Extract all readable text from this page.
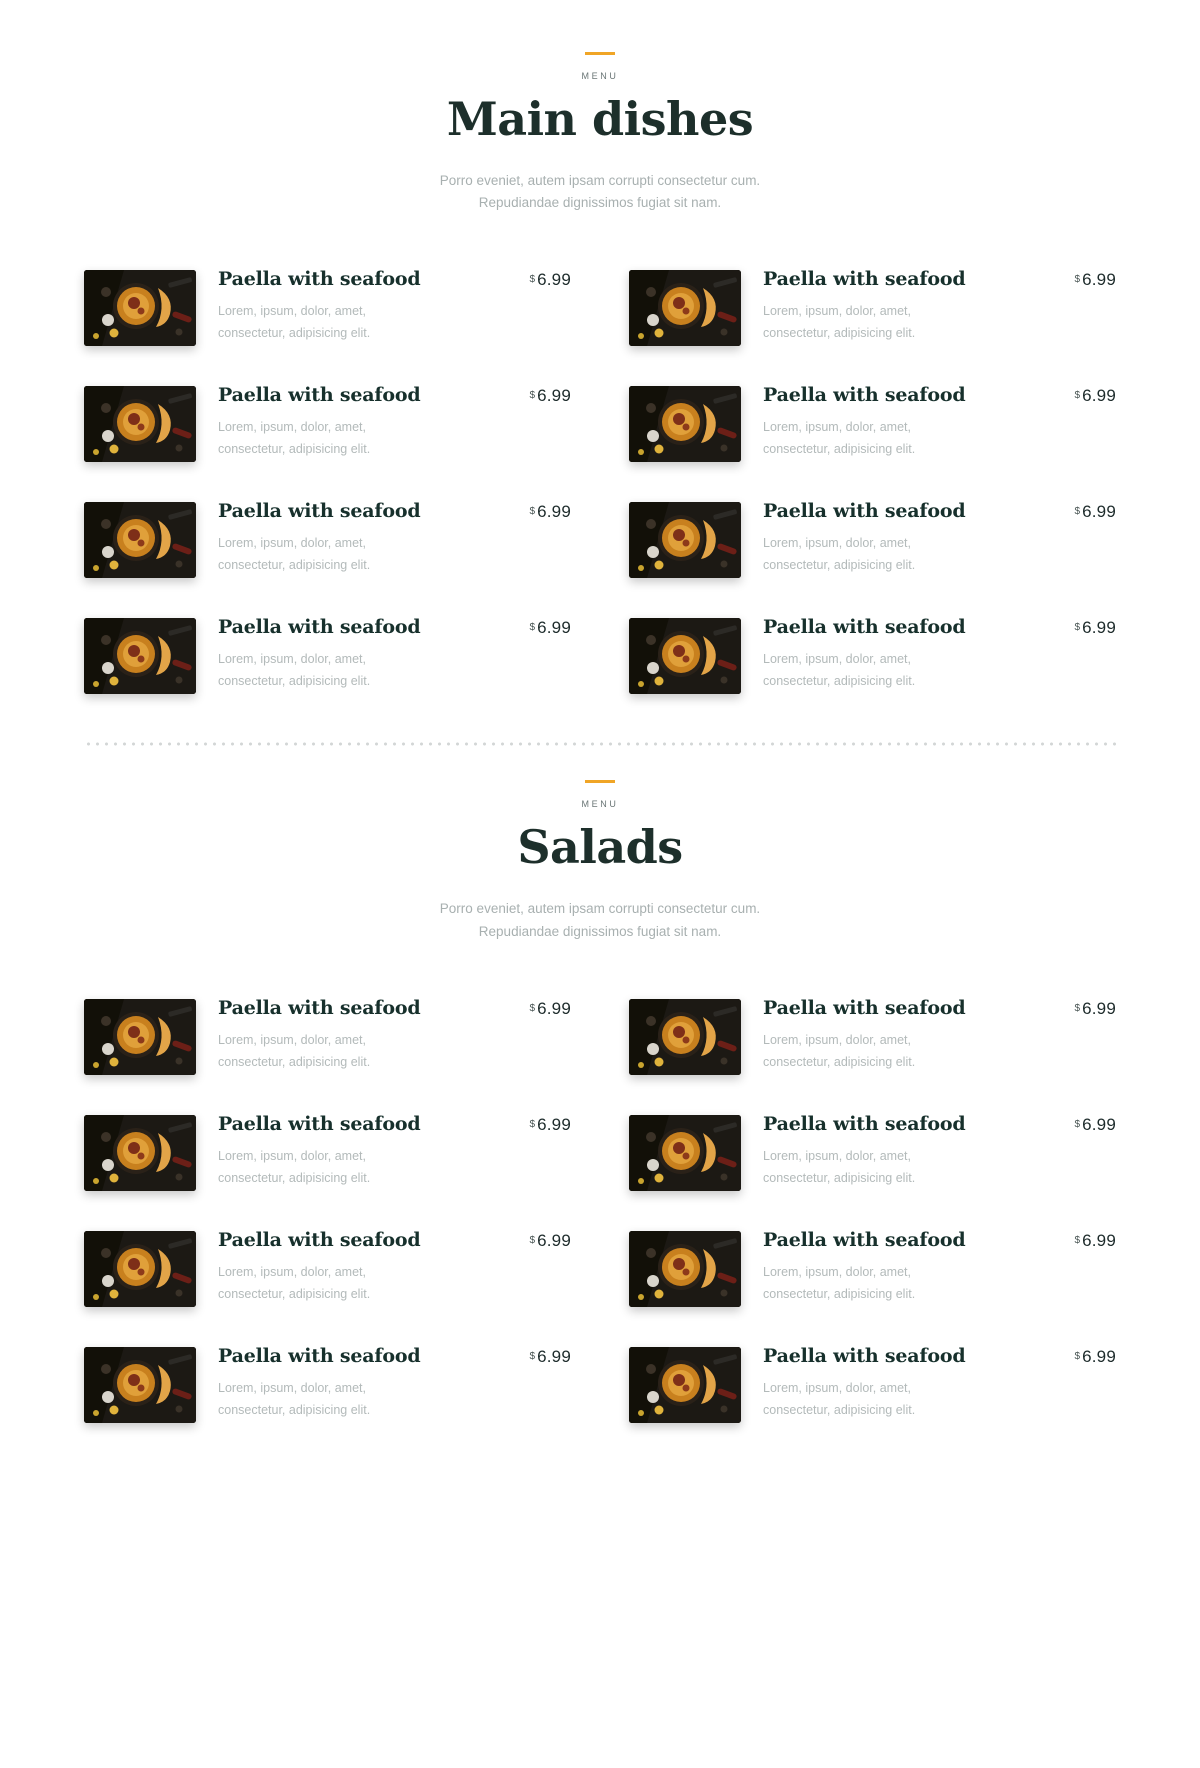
MENU
Main dishes

Porro eveniet, autem ipsam corrupti consectetur cum.
Repudiandae dignissimos fugiat sit nam.

Paella with seafood

Lorem, ipsum, dolor, amet,
consectetur, adipisicing elit.

$ 6.99	Paella with seafood

Lorem, ipsum, dolor, amet,
consectetur, adipisicing elit.

$ 6.99
Paella with seafood

Lorem, ipsum, dolor, amet,
consectetur, adipisicing elit.

$ 6.99	Paella with seafood

Lorem, ipsum, dolor, amet,
consectetur, adipisicing elit.

$ 6.99
Paella with seafood

Lorem, ipsum, dolor, amet,
consectetur, adipisicing elit.

$ 6.99	Paella with seafood

Lorem, ipsum, dolor, amet,
consectetur, adipisicing elit.

$ 6.99
Paella with seafood

Lorem, ipsum, dolor, amet,
consectetur, adipisicing elit.

$ 6.99	Paella with seafood

Lorem, ipsum, dolor, amet,
consectetur, adipisicing elit.

$ 6.99
MENU
Salads

Porro eveniet, autem ipsam corrupti consectetur cum.
Repudiandae dignissimos fugiat sit nam.

Paella with seafood

Lorem, ipsum, dolor, amet,
consectetur, adipisicing elit.

$ 6.99	Paella with seafood

Lorem, ipsum, dolor, amet,
consectetur, adipisicing elit.

$ 6.99
Paella with seafood

Lorem, ipsum, dolor, amet,
consectetur, adipisicing elit.

$ 6.99	Paella with seafood

Lorem, ipsum, dolor, amet,
consectetur, adipisicing elit.

$ 6.99
Paella with seafood

Lorem, ipsum, dolor, amet,
consectetur, adipisicing elit.

$ 6.99	Paella with seafood

Lorem, ipsum, dolor, amet,
consectetur, adipisicing elit.

$ 6.99
Paella with seafood

Lorem, ipsum, dolor, amet,
consectetur, adipisicing elit.

$ 6.99	Paella with seafood

Lorem, ipsum, dolor, amet,
consectetur, adipisicing elit.

$ 6.99
